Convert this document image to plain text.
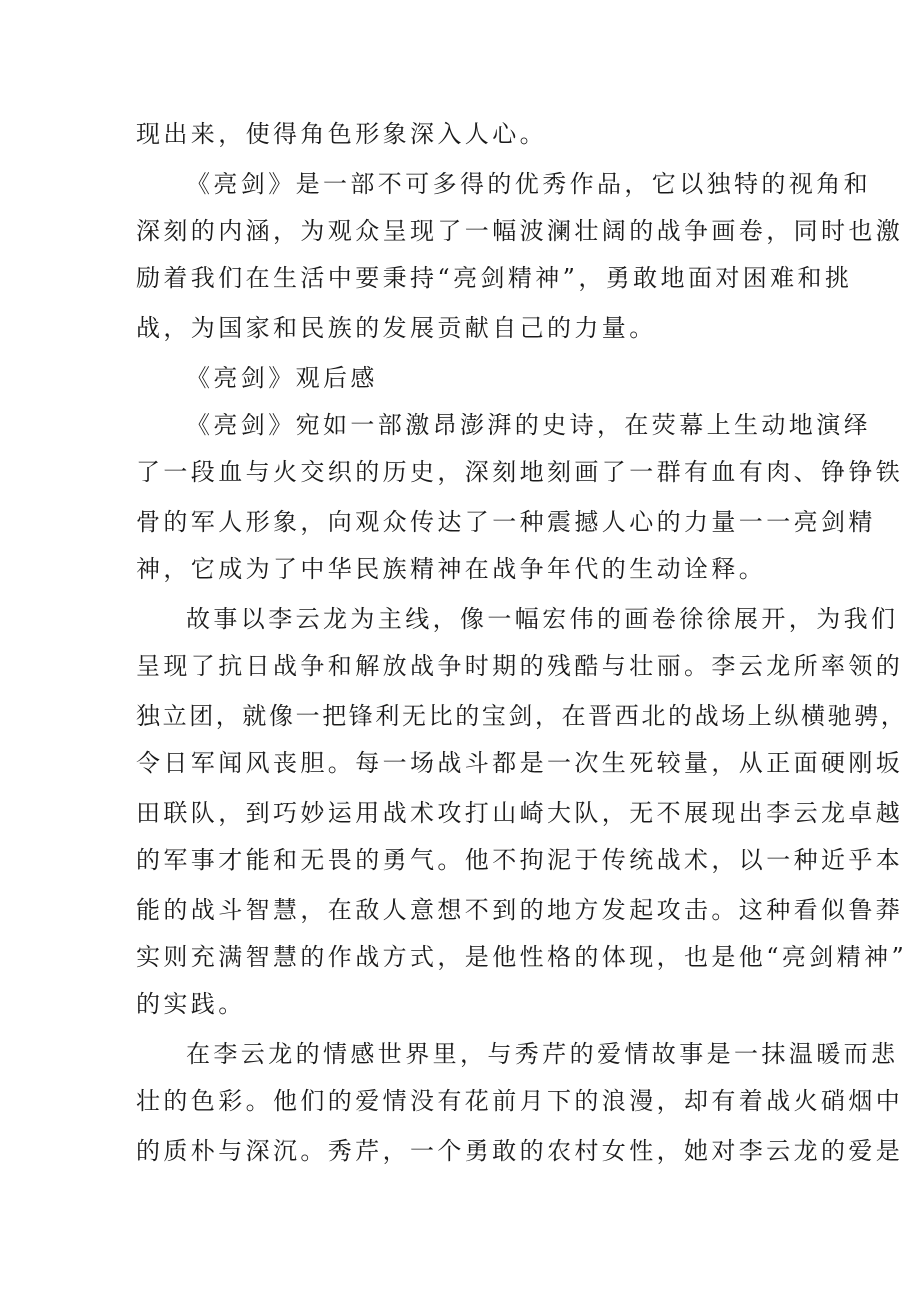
现出来，使得角色形象深入人心。
《亮剑》是一部不可多得的优秀作品，它以独特的视角和
深刻的内涵，为观众呈现了一幅波澜壮阔的战争画卷，同时也激
励着我们在生活中要秉持“亮剑精神”，勇敢地面对困难和挑
战，为国家和民族的发展贡献自己的力量。
《亮剑》观后感
《亮剑》宛如一部激昂澎湃的史诗，在荧幕上生动地演绎
了一段血与火交织的历史，深刻地刻画了一群有血有肉、铮铮铁
骨的军人形象，向观众传达了一种震撼人心的力量一一亮剑精
神，它成为了中华民族精神在战争年代的生动诠释。
故事以李云龙为主线，像一幅宏伟的画卷徐徐展开，为我们
呈现了抗日战争和解放战争时期的残酷与壮丽。李云龙所率领的
独立团，就像一把锋利无比的宝剑，在晋西北的战场上纵横驰骋，
令日军闻风丧胆。每一场战斗都是一次生死较量，从正面硬刚坂
田联队，到巧妙运用战术攻打山崎大队，无不展现出李云龙卓越
的军事才能和无畏的勇气。他不拘泥于传统战术，以一种近乎本
能的战斗智慧，在敌人意想不到的地方发起攻击。这种看似鲁莽
实则充满智慧的作战方式，是他性格的体现，也是他“亮剑精神”
的实践。
在李云龙的情感世界里，与秀芹的爱情故事是一抹温暖而悲
壮的色彩。他们的爱情没有花前月下的浪漫，却有着战火硝烟中
的质朴与深沉。秀芹，一个勇敢的农村女性，她对李云龙的爱是
